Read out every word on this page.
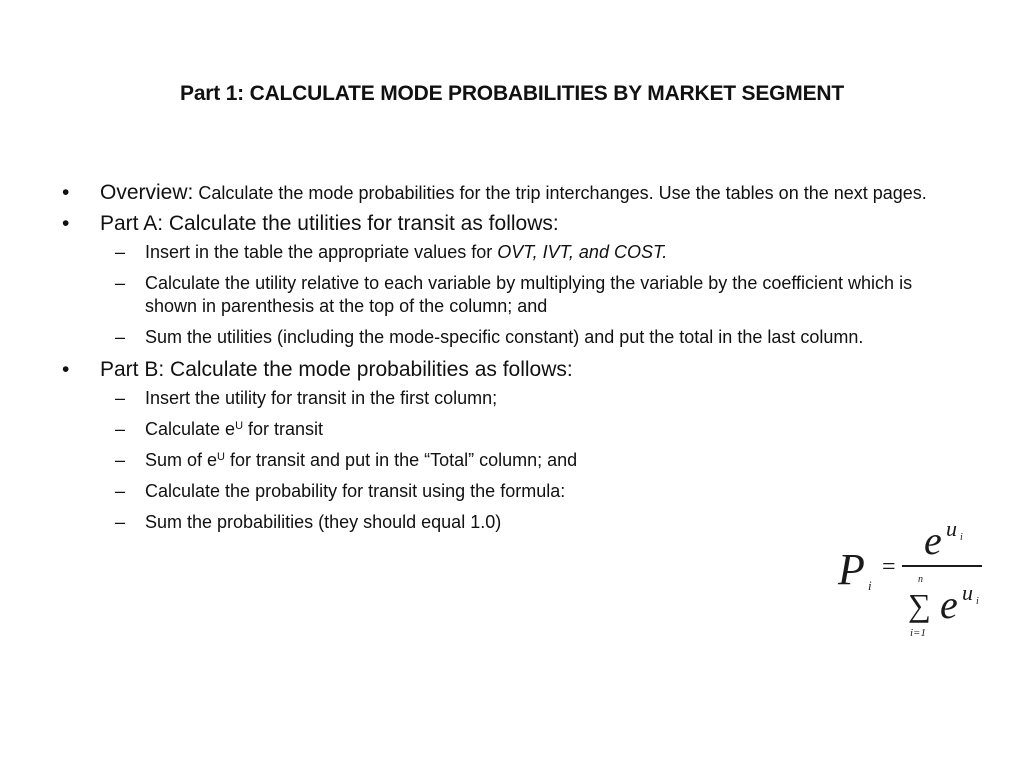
Part 1: CALCULATE MODE PROBABILITIES BY MARKET SEGMENT
• Overview: Calculate the mode probabilities for the trip interchanges. Use the tables on the next pages.
• Part A: Calculate the utilities for transit as follows:
– Insert in the table the appropriate values for OVT, IVT, and COST.
– Calculate the utility relative to each variable by multiplying the variable by the coefficient which is shown in parenthesis at the top of the column; and
– Sum the utilities (including the mode-specific constant) and put the total in the last column.
• Part B: Calculate the mode probabilities as follows:
– Insert the utility for transit in the first column;
– Calculate $e^U$ for transit
– Sum of $e^U$ for transit and put in the “Total” column; and
– Calculate the probability for transit using the formula:
– Sum the probabilities (they should equal 1.0)
P i
=
e u i
n
∑
i=1
e u i
